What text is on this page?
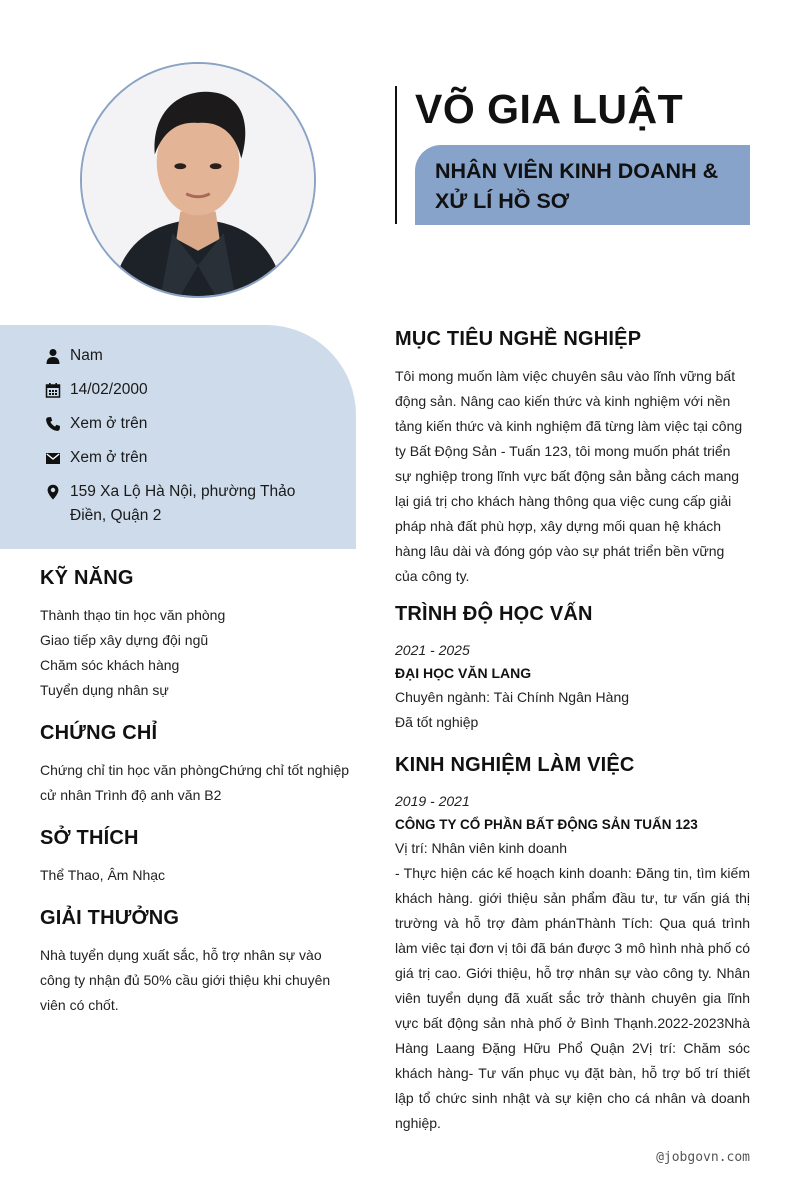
VÕ GIA LUẬT
NHÂN VIÊN KINH DOANH & XỬ LÍ HỒ SƠ
Nam
14/02/2000
Xem ở trên
Xem ở trên
159 Xa Lộ Hà Nội, phường Thảo Điền, Quận 2
KỸ NĂNG
Thành thạo tin học văn phòng
Giao tiếp xây dựng đội ngũ
Chăm sóc khách hàng
Tuyển dụng nhân sự
CHỨNG CHỈ
Chứng chỉ tin học văn phòngChứng chỉ tốt nghiệp cử nhân Trình độ anh văn B2
SỞ THÍCH
Thể Thao, Âm Nhạc
GIẢI THƯỞNG
Nhà tuyển dụng xuất sắc, hỗ trợ nhân sự vào công ty nhận đủ 50% cầu giới thiệu khi chuyên viên có chốt.
MỤC TIÊU NGHỀ NGHIỆP
Tôi mong muốn làm việc chuyên sâu vào lĩnh vững bất động sản. Nâng cao kiến thức và kinh nghiệm với nền tảng kiến thức và kinh nghiệm đã từng làm việc tại công ty Bất Động Sản - Tuấn 123, tôi mong muốn phát triển sự nghiệp trong lĩnh vực bất động sản bằng cách mang lại giá trị cho khách hàng thông qua việc cung cấp giải pháp nhà đất phù hợp, xây dựng mối quan hệ khách hàng lâu dài và đóng góp vào sự phát triển bền vững của công ty.
TRÌNH ĐỘ HỌC VẤN
2021 - 2025
ĐẠI HỌC VĂN LANG
Chuyên ngành: Tài Chính Ngân Hàng
Đã tốt nghiệp
KINH NGHIỆM LÀM VIỆC
2019 - 2021
CÔNG TY CỔ PHẦN BẤT ĐỘNG SẢN TUẤN 123
Vị trí: Nhân viên kinh doanh
- Thực hiện các kế hoạch kinh doanh: Đăng tin, tìm kiếm khách hàng. giới thiệu sản phẩm đầu tư, tư vấn giá thị trường và hỗ trợ đàm phánThành Tích: Qua quá trình làm viêc tại đơn vị tôi đã bán được 3 mô hình nhà phố có giá trị cao. Giới thiệu, hỗ trợ nhân sự vào công ty. Nhân viên tuyển dụng đã xuất sắc trở thành chuyên gia lĩnh vực bất động sản nhà phố ở Bình Thạnh.2022-2023Nhà Hàng Laang Đặng Hữu Phổ Quận 2Vị trí: Chăm sóc khách hàng- Tư vấn phục vụ đặt bàn, hỗ trợ bố trí thiết lập tổ chức sinh nhật và sự kiện cho cá nhân và doanh nghiệp.
@jobgovn.com
